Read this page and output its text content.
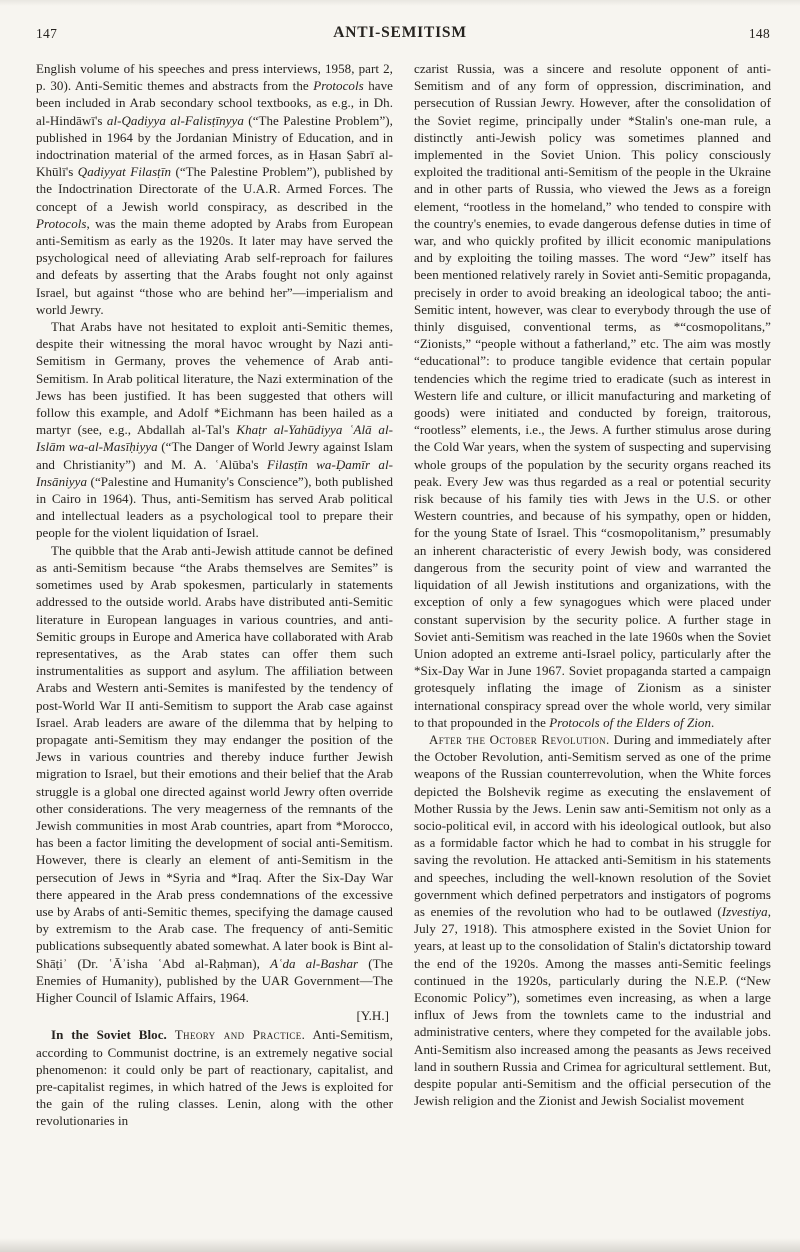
147	148
ANTI-SEMITISM

English volume of his speeches and press interviews, 1958, part 2, p. 30). Anti-Semitic themes and abstracts from the Protocols have been included in Arab secondary school textbooks, as e.g., in Dh. al-Hindāwī's al-Qadiyya al-Falisṭīnyya (“The Palestine Problem”), published in 1964 by the Jordanian Ministry of Education, and in indoctrination material of the armed forces, as in Ḥasan Ṣabrī al-Khūlī's Qadiyyat Filasṭīn (“The Palestine Problem”), published by the Indoctrination Directorate of the U.A.R. Armed Forces. The concept of a Jewish world conspiracy, as described in the Protocols, was the main theme adopted by Arabs from European anti-Semitism as early as the 1920s. It later may have served the psychological need of alleviating Arab self-reproach for failures and defeats by asserting that the Arabs fought not only against Israel, but against “those who are behind her”—imperialism and world Jewry.

That Arabs have not hesitated to exploit anti-Semitic themes, despite their witnessing the moral havoc wrought by Nazi anti-Semitism in Germany, proves the vehemence of Arab anti-Semitism. In Arab political literature, the Nazi extermination of the Jews has been justified. It has been suggested that others will follow this example, and Adolf *Eichmann has been hailed as a martyr (see, e.g., Abdallah al-Tal's Khaṭr al-Yahūdiyya ʿAlā al-Islām wa-al-Masīḥiyya (“The Danger of World Jewry against Islam and Christianity”) and M. A. ʿAlūba's Filasṭīn wa-Ḍamīr al-Insāniyya (“Palestine and Humanity's Conscience”), both published in Cairo in 1964). Thus, anti-Semitism has served Arab political and intellectual leaders as a psychological tool to prepare their people for the violent liquidation of Israel.

The quibble that the Arab anti-Jewish attitude cannot be defined as anti-Semitism because “the Arabs themselves are Semites” is sometimes used by Arab spokesmen, particularly in statements addressed to the outside world. Arabs have distributed anti-Semitic literature in European languages in various countries, and anti-Semitic groups in Europe and America have collaborated with Arab representatives, as the Arab states can offer them such instrumentalities as support and asylum. The affiliation between Arabs and Western anti-Semites is manifested by the tendency of post-World War II anti-Semitism to support the Arab case against Israel. Arab leaders are aware of the dilemma that by helping to propagate anti-Semitism they may endanger the position of the Jews in various countries and thereby induce further Jewish migration to Israel, but their emotions and their belief that the Arab struggle is a global one directed against world Jewry often override other considerations. The very meagerness of the remnants of the Jewish communities in most Arab countries, apart from *Morocco, has been a factor limiting the development of social anti-Semitism. However, there is clearly an element of anti-Semitism in the persecution of Jews in *Syria and *Iraq. After the Six-Day War there appeared in the Arab press condemnations of the excessive use by Arabs of anti-Semitic themes, specifying the damage caused by extremism to the Arab case. The frequency of anti-Semitic publications subsequently abated somewhat. A later book is Bint al-Shāṭiʾ (Dr. ʿĀʾisha ʿAbd al-Raḥman), Aʿda al-Bashar (The Enemies of Humanity), published by the UAR Government—The Higher Council of Islamic Affairs, 1964.

[Y.H.]

In the Soviet Bloc. Theory and Practice. Anti-Semitism, according to Communist doctrine, is an extremely negative social phenomenon: it could only be part of reactionary, capitalist, and pre-capitalist regimes, in which hatred of the Jews is exploited for the gain of the ruling classes. Lenin, along with the other revolutionaries in

czarist Russia, was a sincere and resolute opponent of anti-Semitism and of any form of oppression, discrimination, and persecution of Russian Jewry. However, after the consolidation of the Soviet regime, principally under *Stalin's one-man rule, a distinctly anti-Jewish policy was sometimes planned and implemented in the Soviet Union. This policy consciously exploited the traditional anti-Semitism of the people in the Ukraine and in other parts of Russia, who viewed the Jews as a foreign element, “rootless in the homeland,” who tended to conspire with the country's enemies, to evade dangerous defense duties in time of war, and who quickly profited by illicit economic manipulations and by exploiting the toiling masses. The word “Jew” itself has been mentioned relatively rarely in Soviet anti-Semitic propaganda, precisely in order to avoid breaking an ideological taboo; the anti-Semitic intent, however, was clear to everybody through the use of thinly disguised, conventional terms, as *“cosmopolitans,” “Zionists,” “people without a fatherland,” etc. The aim was mostly “educational”: to produce tangible evidence that certain popular tendencies which the regime tried to eradicate (such as interest in Western life and culture, or illicit manufacturing and marketing of goods) were initiated and conducted by foreign, traitorous, “rootless” elements, i.e., the Jews. A further stimulus arose during the Cold War years, when the system of suspecting and supervising whole groups of the population by the security organs reached its peak. Every Jew was thus regarded as a real or potential security risk because of his family ties with Jews in the U.S. or other Western countries, and because of his sympathy, open or hidden, for the young State of Israel. This “cosmopolitanism,” presumably an inherent characteristic of every Jewish body, was considered dangerous from the security point of view and warranted the liquidation of all Jewish institutions and organizations, with the exception of only a few synagogues which were placed under constant supervision by the security police. A further stage in Soviet anti-Semitism was reached in the late 1960s when the Soviet Union adopted an extreme anti-Israel policy, particularly after the *Six-Day War in June 1967. Soviet propaganda started a campaign grotesquely inflating the image of Zionism as a sinister international conspiracy spread over the whole world, very similar to that propounded in the Protocols of the Elders of Zion.

After the October Revolution. During and immediately after the October Revolution, anti-Semitism served as one of the prime weapons of the Russian counterrevolution, when the White forces depicted the Bolshevik regime as executing the enslavement of Mother Russia by the Jews. Lenin saw anti-Semitism not only as a socio-political evil, in accord with his ideological outlook, but also as a formidable factor which he had to combat in his struggle for saving the revolution. He attacked anti-Semitism in his statements and speeches, including the well-known resolution of the Soviet government which defined perpetrators and instigators of pogroms as enemies of the revolution who had to be outlawed (Izvestiya, July 27, 1918). This atmosphere existed in the Soviet Union for years, at least up to the consolidation of Stalin's dictatorship toward the end of the 1920s. Among the masses anti-Semitic feelings continued in the 1920s, particularly during the N.E.P. (“New Economic Policy”), sometimes even increasing, as when a large influx of Jews from the townlets came to the industrial and administrative centers, where they competed for the available jobs. Anti-Semitism also increased among the peasants as Jews received land in southern Russia and Crimea for agricultural settlement. But, despite popular anti-Semitism and the official persecution of the Jewish religion and the Zionist and Jewish Socialist movement
